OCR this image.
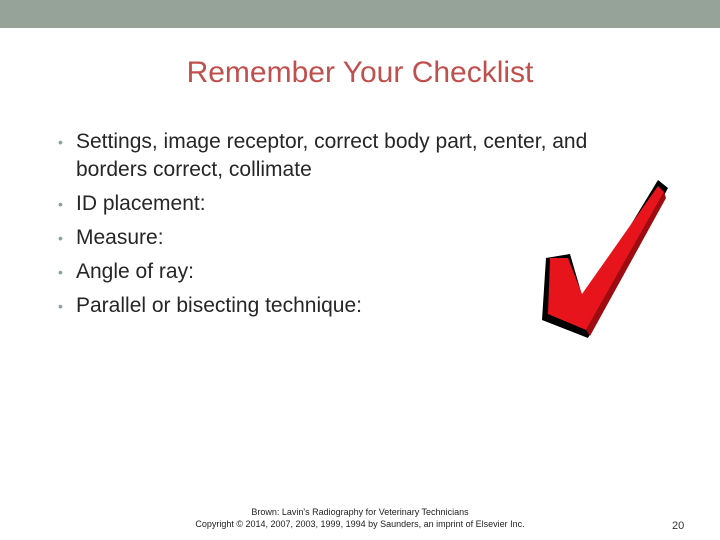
Remember Your Checklist
• Settings, image receptor, correct body part, center, and borders correct, collimate
• ID placement:
• Measure:
• Angle of ray:
• Parallel or bisecting technique:
Brown: Lavin's Radiography for Veterinary Technicians
Copyright © 2014, 2007, 2003, 1999, 1994 by Saunders, an imprint of Elsevier Inc.	20
